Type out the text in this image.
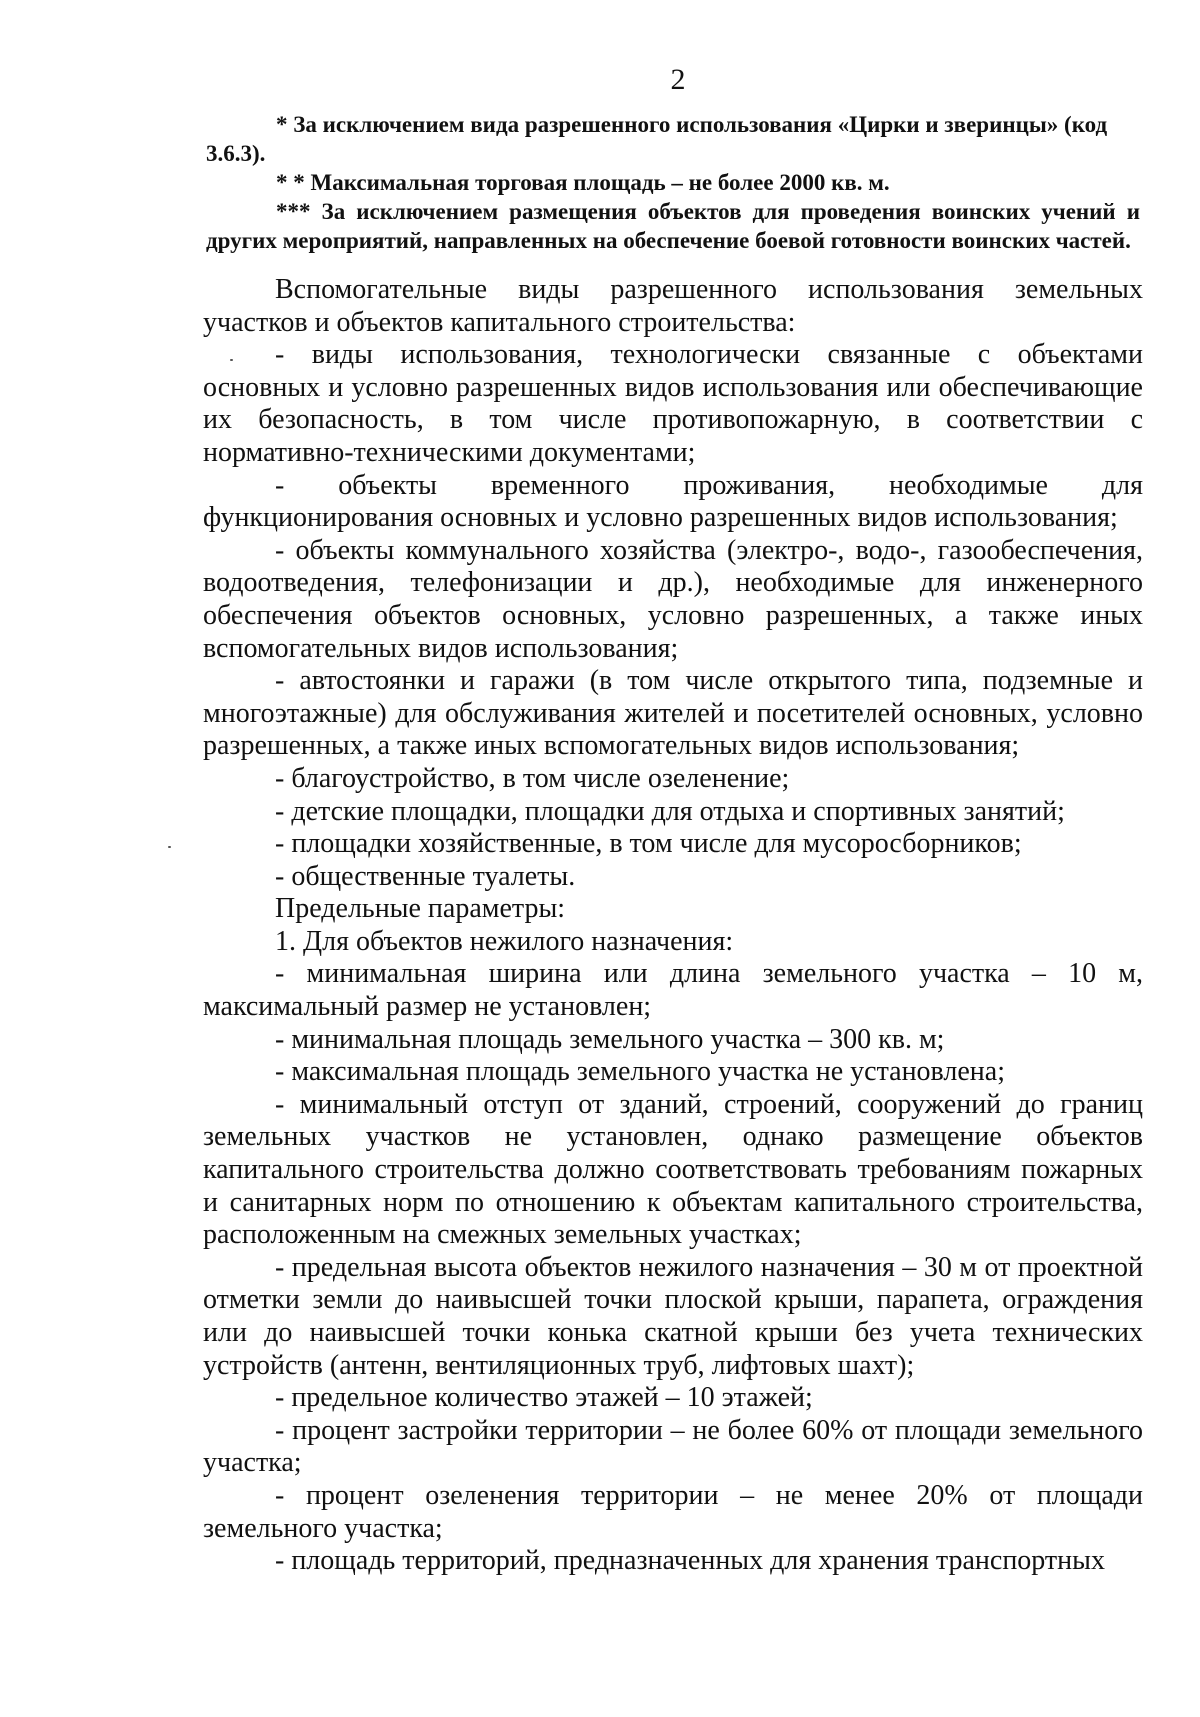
2

* За исключением вида разрешенного использования «Цирки и зверинцы» (код 3.6.3).

* * Максимальная торговая площадь – не более 2000 кв. м.

*** За исключением размещения объектов для проведения воинских учений и других мероприятий, направленных на обеспечение боевой готовности воинских частей.

Вспомогательные виды разрешенного использования земельных участков и объектов капитального строительства:

- виды использования, технологически связанные с объектами основных и условно разрешенных видов использования или обеспечивающие их безопасность, в том числе противопожарную, в соответствии с нормативно-техническими документами;

- объекты временного проживания, необходимые для функционирования основных и условно разрешенных видов использования;

- объекты коммунального хозяйства (электро-, водо-, газообеспечения, водоотведения, телефонизации и др.), необходимые для инженерного обеспечения объектов основных, условно разрешенных, а также иных вспомогательных видов использования;

- автостоянки и гаражи (в том числе открытого типа, подземные и многоэтажные) для обслуживания жителей и посетителей основных, условно разрешенных, а также иных вспомогательных видов использования;

- благоустройство, в том числе озеленение;

- детские площадки, площадки для отдыха и спортивных занятий;

- площадки хозяйственные, в том числе для мусоросборников;

- общественные туалеты.

Предельные параметры:

1. Для объектов нежилого назначения:

- минимальная ширина или длина земельного участка – 10 м, максимальный размер не установлен;

- минимальная площадь земельного участка – 300 кв. м;

- максимальная площадь земельного участка не установлена;

- минимальный отступ от зданий, строений, сооружений до границ земельных участков не установлен, однако размещение объектов капитального строительства должно соответствовать требованиям пожарных и санитарных норм по отношению к объектам капитального строительства, расположенным на смежных земельных участках;

- предельная высота объектов нежилого назначения – 30 м от проектной отметки земли до наивысшей точки плоской крыши, парапета, ограждения или до наивысшей точки конька скатной крыши без учета технических устройств (антенн, вентиляционных труб, лифтовых шахт);

- предельное количество этажей – 10 этажей;

- процент застройки территории – не более 60% от площади земельного участка;

- процент озеленения территории – не менее 20% от площади земельного участка;

- площадь территорий, предназначенных для хранения транспортных
